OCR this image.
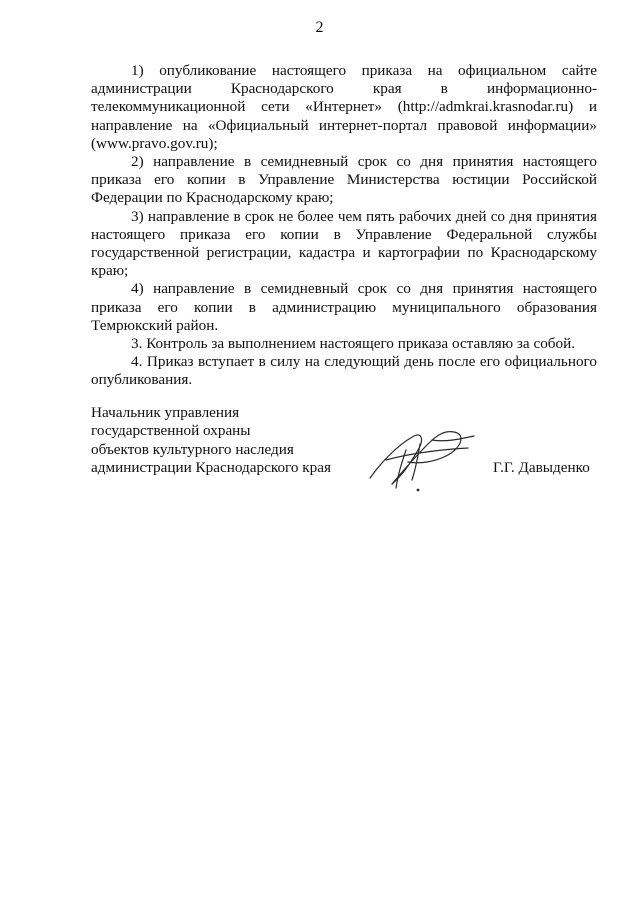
2

1) опубликование настоящего приказа на официальном сайте администрации Краснодарского края в информационно-телекоммуникационной сети «Интернет» (http://admkrai.krasnodar.ru) и направление на «Официальный интернет-портал правовой информации» (www.pravo.gov.ru);

2) направление в семидневный срок со дня принятия настоящего приказа его копии в Управление Министерства юстиции Российской Федерации по Краснодарскому краю;

3) направление в срок не более чем пять рабочих дней со дня принятия настоящего приказа его копии в Управление Федеральной службы государственной регистрации, кадастра и картографии по Краснодарскому краю;

4) направление в семидневный срок со дня принятия настоящего приказа его копии в администрацию муниципального образования Темрюкский район.

3. Контроль за выполнением настоящего приказа оставляю за собой.

4. Приказ вступает в силу на следующий день после его официального опубликования.

Начальник управления
государственной охраны
объектов культурного наследия
администрации Краснодарского края	Г.Г. Давыденко
